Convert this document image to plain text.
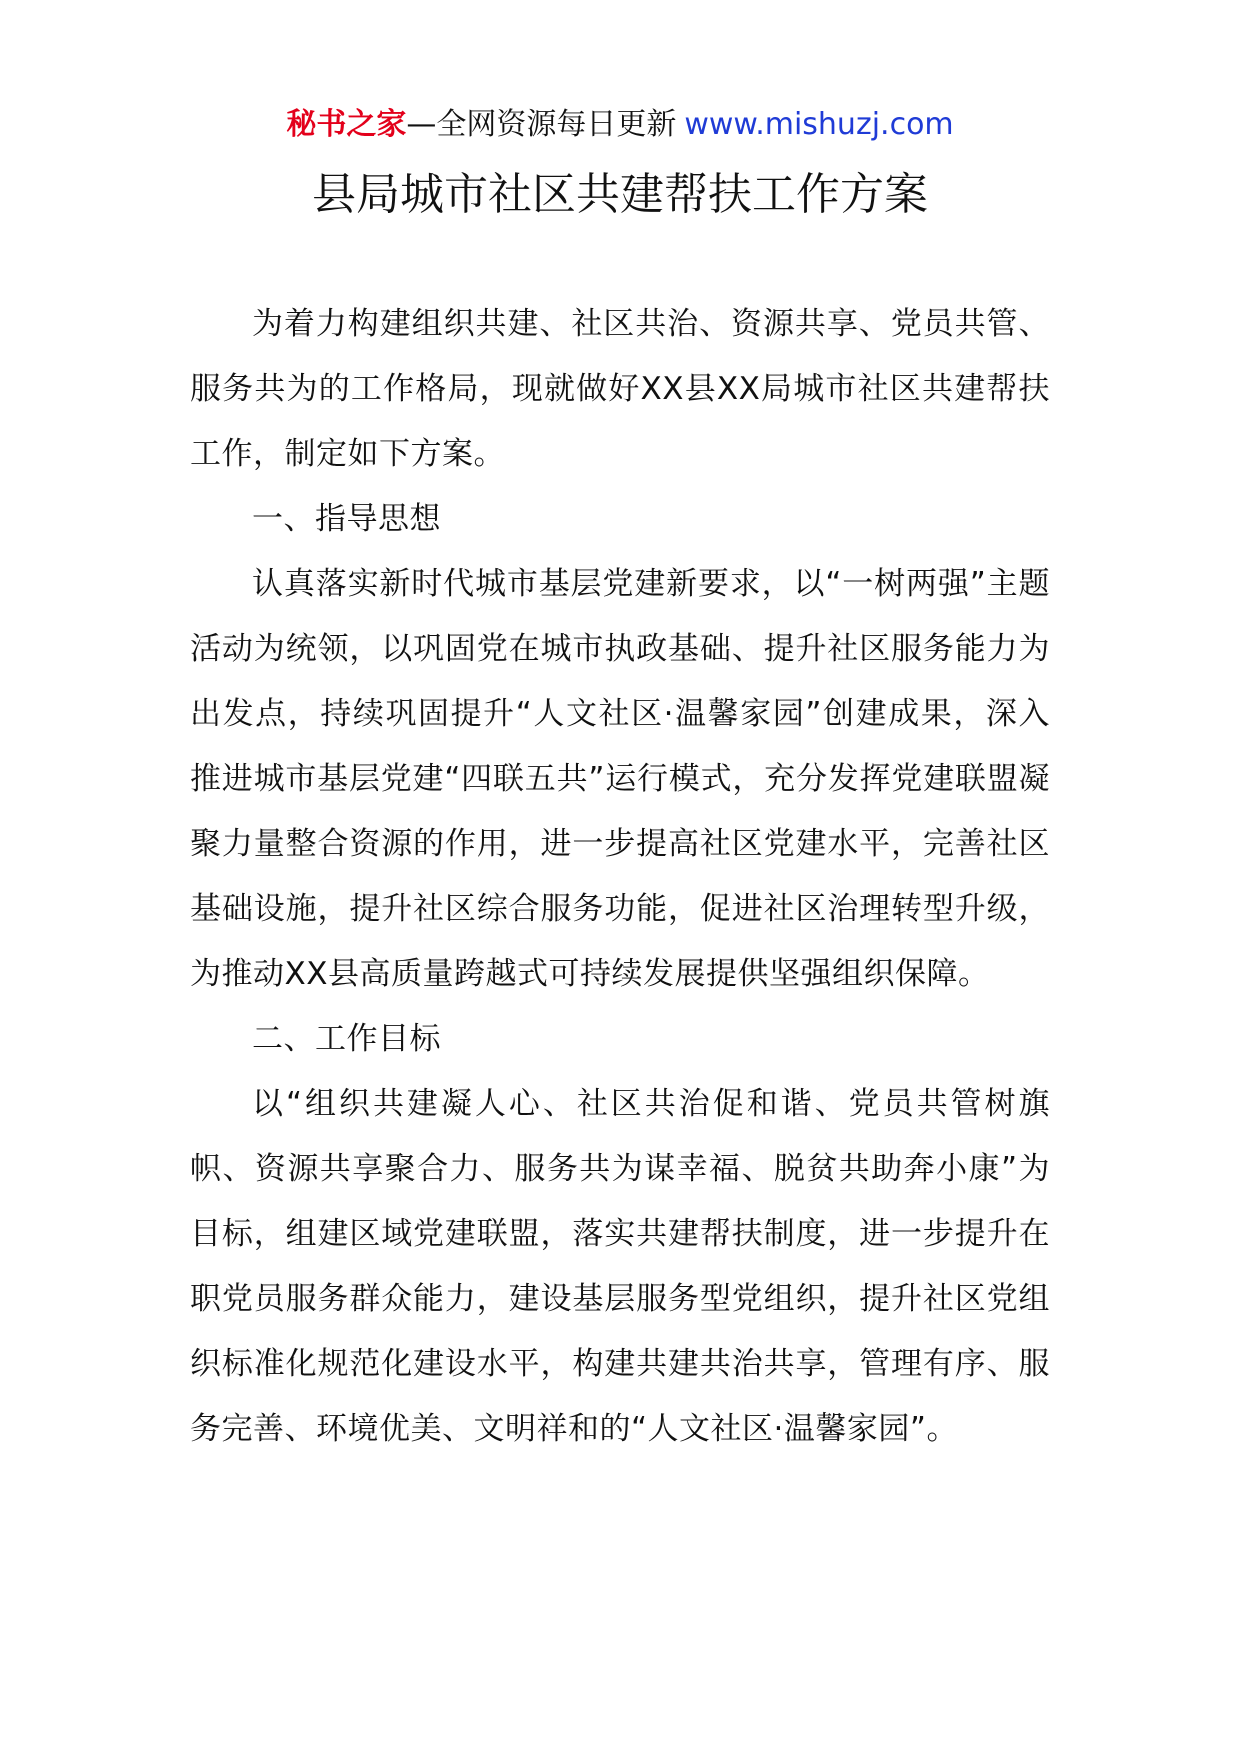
秘书之家—全网资源每日更新 www.mishuzj.com
县局城市社区共建帮扶工作方案

为着力构建组织共建、社区共治、资源共享、党员共管、服务共为的工作格局，现就做好XX县XX局城市社区共建帮扶工作，制定如下方案。

一、指导思想

认真落实新时代城市基层党建新要求，以“一树两强”主题活动为统领，以巩固党在城市执政基础、提升社区服务能力为出发点，持续巩固提升“人文社区·温馨家园”创建成果，深入推进城市基层党建“四联五共”运行模式，充分发挥党建联盟凝聚力量整合资源的作用，进一步提高社区党建水平，完善社区基础设施，提升社区综合服务功能，促进社区治理转型升级，为推动XX县高质量跨越式可持续发展提供坚强组织保障。

二、工作目标

以“组织共建凝人心、社区共治促和谐、党员共管树旗帜、资源共享聚合力、服务共为谋幸福、脱贫共助奔小康”为目标，组建区域党建联盟，落实共建帮扶制度，进一步提升在职党员服务群众能力，建设基层服务型党组织，提升社区党组织标准化规范化建设水平，构建共建共治共享，管理有序、服务完善、环境优美、文明祥和的“人文社区·温馨家园”。
